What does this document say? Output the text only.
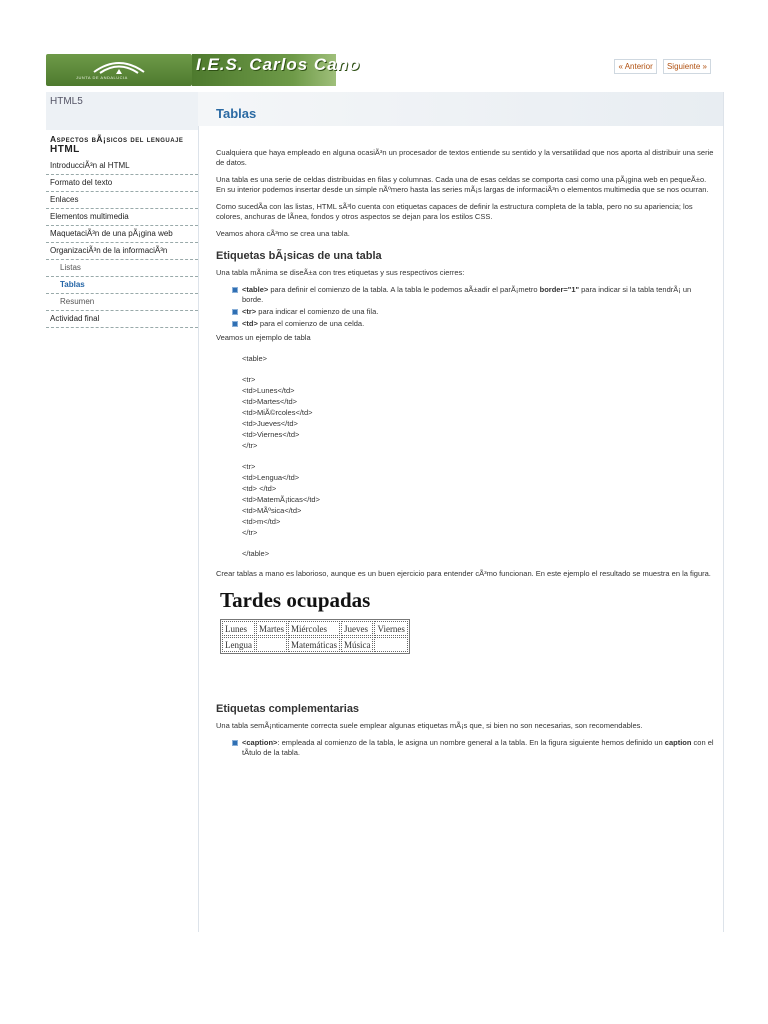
JUNTA DE ANDALUCIA
I.E.S. Carlos Cano	« Anterior Siguiente »
HTML5
Aspectos bÃ¡sicos del lenguaje
HTML
IntroducciÃ³n al HTML
Formato del texto
Enlaces
Elementos multimedia
MaquetaciÃ³n de una pÃ¡gina web
OrganizaciÃ³n de la informaciÃ³n
Listas
Tablas
Resumen
Actividad final
Tablas

Cualquiera que haya empleado en alguna ocasiÃ³n un procesador de textos entiende su sentido y la versatilidad que nos aporta al distribuir una serie de datos.

Una tabla es una serie de celdas distribuidas en filas y columnas. Cada una de esas celdas se comporta casi como una pÃ¡gina web en pequeÃ±o. En su interior podemos insertar desde un simple nÃºmero hasta las series mÃ¡s largas de informaciÃ³n o elementos multimedia que se nos ocurran.

Como sucedÃa con las listas, HTML sÃ³lo cuenta con etiquetas capaces de definir la estructura completa de la tabla, pero no su apariencia; los colores, anchuras de lÃnea, fondos y otros aspectos se dejan para los estilos CSS.

Veamos ahora cÃ³mo se crea una tabla.

Etiquetas bÃ¡sicas de una tabla

Una tabla mÃnima se diseÃ±a con tres etiquetas y sus respectivos cierres:

<table> para definir el comienzo de la tabla. A la tabla le podemos aÃ±adir el parÃ¡metro border="1" para indicar si la tabla tendrÃ¡ un borde.
<tr> para indicar el comienzo de una fila.
<td> para el comienzo de una celda.

Veamos un ejemplo de tabla

<table>
<tr>
<td>Lunes</td>
<td>Martes</td>
<td>MiÃ©rcoles</td>
<td>Jueves</td>
<td>Viernes</td>
</tr>
<tr>
<td>Lengua</td>
<td> </td>
<td>MatemÃ¡ticas</td>
<td>MÃºsica</td>
<td>m</td>
</tr>
</table>

Crear tablas a mano es laborioso, aunque es un buen ejercicio para entender cÃ³mo funcionan. En este ejemplo el resultado se muestra en la figura.

Tardes ocupadas
Lunes	Martes	Miércoles	Jueves	Viernes
Lengua		Matemáticas	Música	
Etiquetas complementarias

Una tabla semÃ¡nticamente correcta suele emplear algunas etiquetas mÃ¡s que, si bien no son necesarias, son recomendables.

<caption>: empleada al comienzo de la tabla, le asigna un nombre general a la tabla. En la figura siguiente hemos definido un caption con el tÃtulo de la tabla.
